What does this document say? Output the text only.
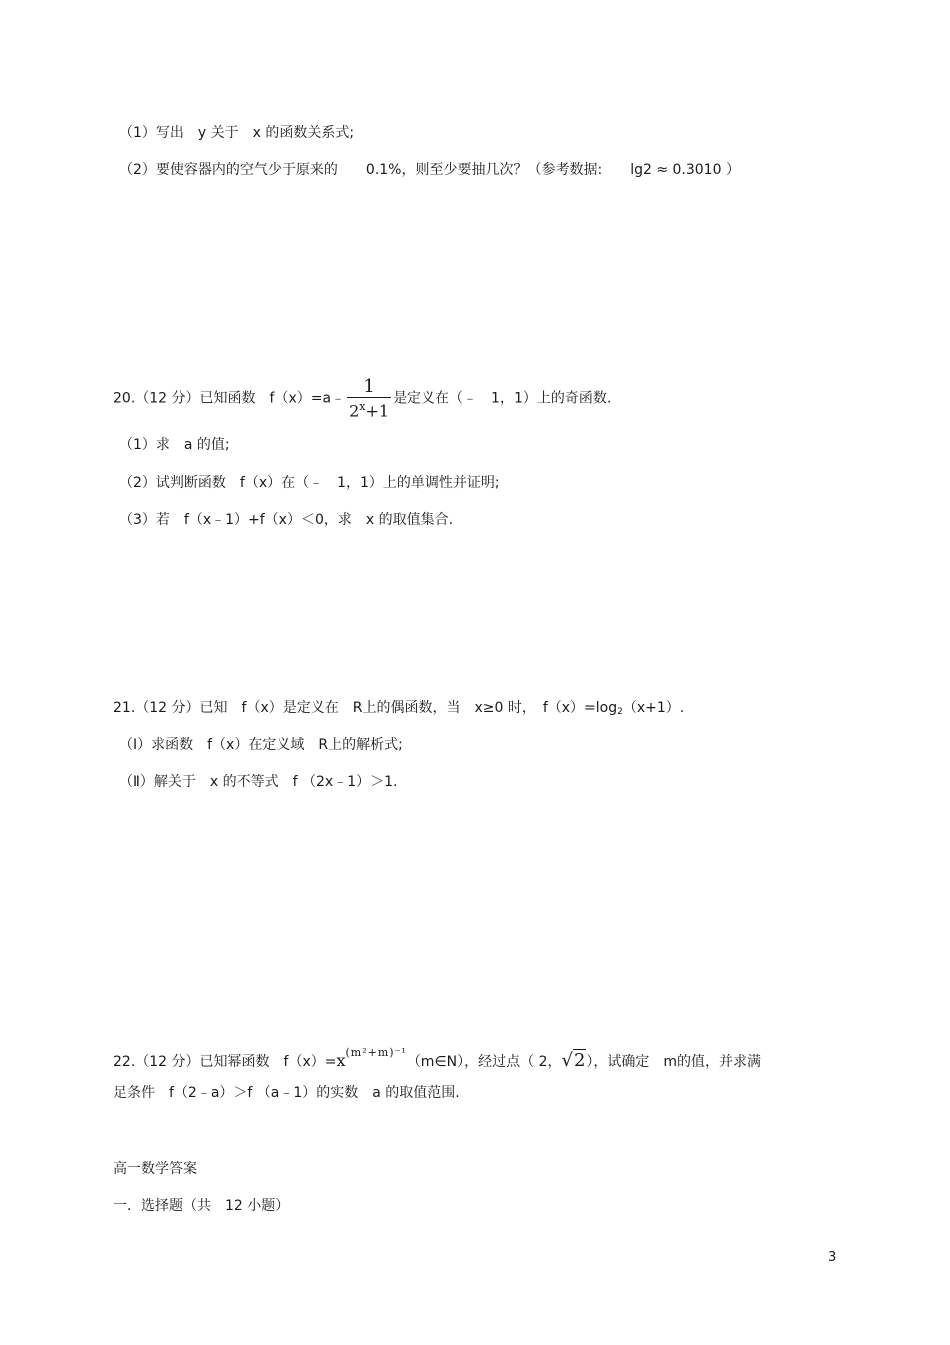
（1）写出　y 关于　x 的函数关系式;
（2）要使容器内的空气少于原来的　　0.1%，则至少要抽几次？（参考数据:　　lg2 ≈ 0.3010 ）
20.（12 分）已知函数　f（x）=a﹣ $\frac{1}{2^x+1}$ 是定义在（﹣　1，1）上的奇函数.
（1）求　a 的值;
（2）试判断函数　f（x）在（﹣　1，1）上的单调性并证明;
（3）若　f（x﹣1）+f（x）＜0，求　x 的取值集合.
21.（12 分）已知　f（x）是定义在　R上的偶函数，当　x≥0 时，　$f(x)=\log_2(x+1)$.
（Ⅰ）求函数　f（x）在定义域　R上的解析式;
（Ⅱ）解关于　x 的不等式　f （2x﹣1）＞1.
22.（12 分）已知幂函数　$f(x)=x^{(m^2+m)^{-1}}(m\in N)$，经过点（ 2，√2），试确定　m的值，并求满
足条件　f（2﹣a）＞f （a﹣1）的实数　a 的取值范围.
高一数学答案
一．选择题（共　12 小题）
3
